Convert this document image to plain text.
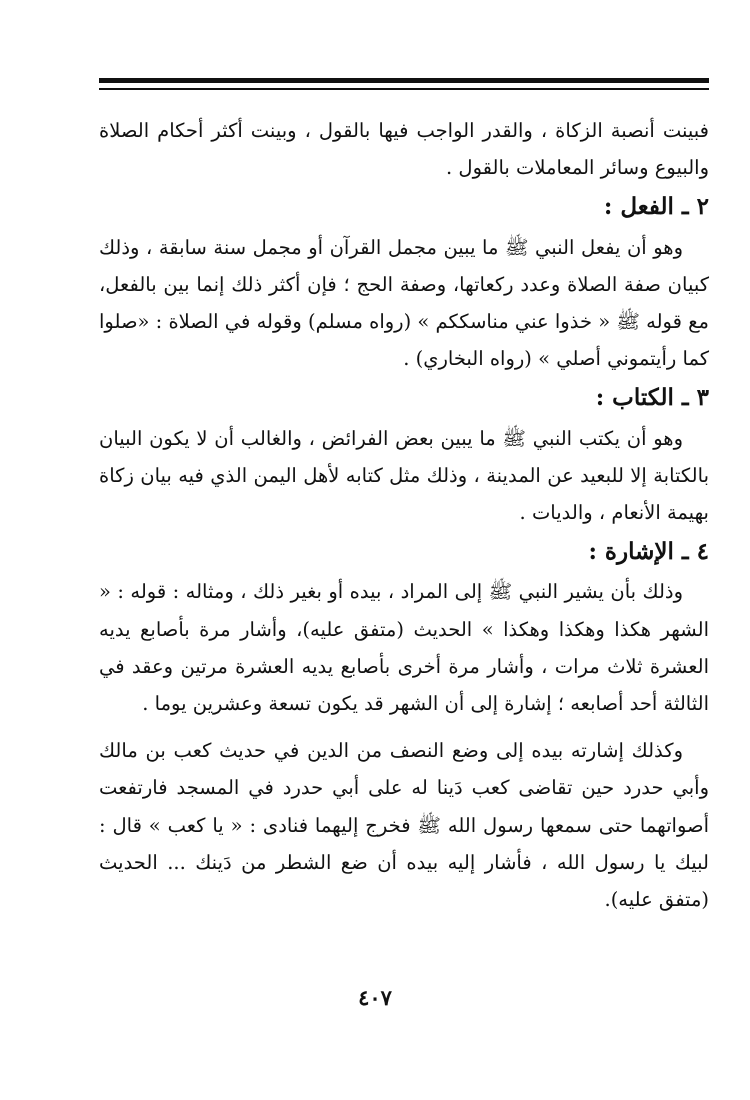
فبينت أنصبة الزكاة ، والقدر الواجب فيها بالقول ، وبينت أكثر أحكام الصلاة والبيوع وسائر المعاملات بالقول .

٢ ـ الفعل :

وهو أن يفعل النبي ﷺ ما يبين مجمل القرآن أو مجمل سنة سابقة ، وذلك كبيان صفة الصلاة وعدد ركعاتها، وصفة الحج ؛ فإن أكثر ذلك إنما بين بالفعل، مع قوله ﷺ « خذوا عني مناسككم » (رواه مسلم) وقوله في الصلاة : «صلوا كما رأيتموني أصلي » (رواه البخاري) .

٣ ـ الكتاب :

وهو أن يكتب النبي ﷺ ما يبين بعض الفرائض ، والغالب أن لا يكون البيان بالكتابة إلا للبعيد عن المدينة ، وذلك مثل كتابه لأهل اليمن الذي فيه بيان زكاة بهيمة الأنعام ، والديات .

٤ ـ الإشارة :

وذلك بأن يشير النبي ﷺ إلى المراد ، بيده أو بغير ذلك ، ومثاله : قوله : « الشهر هكذا وهكذا وهكذا » الحديث (متفق عليه)، وأشار مرة بأصابع يديه العشرة ثلاث مرات ، وأشار مرة أخرى بأصابع يديه العشرة مرتين وعقد في الثالثة أحد أصابعه ؛ إشارة إلى أن الشهر قد يكون تسعة وعشرين يوما .

وكذلك إشارته بيده إلى وضع النصف من الدين في حديث كعب بن مالك وأبي حدرد حين تقاضى كعب دَينا له على أبي حدرد في المسجد فارتفعت أصواتهما حتى سمعها رسول الله ﷺ فخرج إليهما فنادى : « يا كعب » قال : لبيك يا رسول الله ، فأشار إليه بيده أن ضع الشطر من دَينك ... الحديث (متفق عليه).

٤٠٧
